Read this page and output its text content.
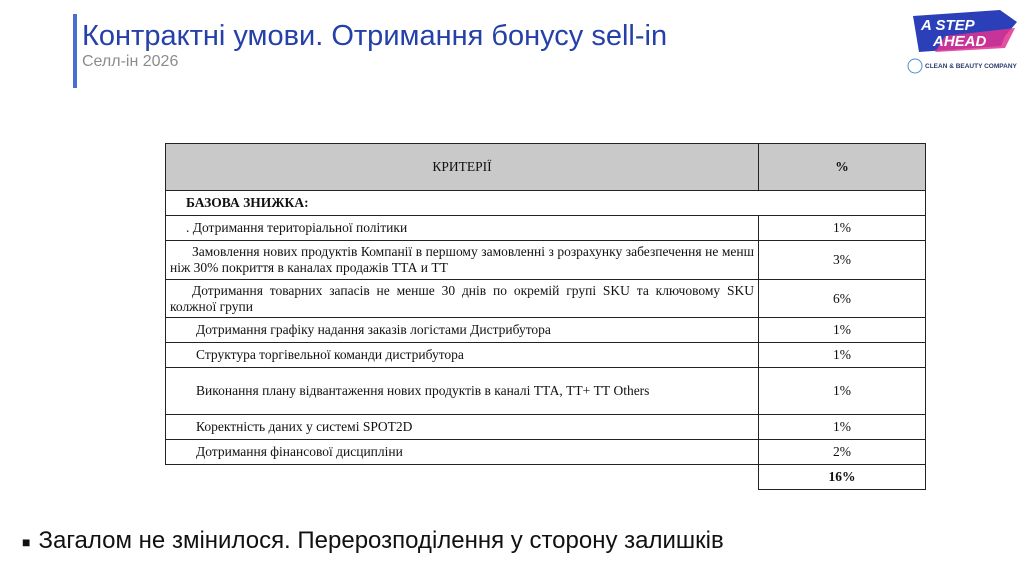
Контрактні умови. Отримання бонусу sell-in
Селл-ін 2026
A STEP
AHEAD
CLEAN & BEAUTY COMPANY
КРИТЕРІЇ	%
БАЗОВА ЗНИЖКА:	
. Дотримання територіальної політики	1%
Замовлення нових продуктів Компанії в першому замовленні з розрахунку забезпечення не менш ніж 30% покриття в каналах продажів ТТА и ТТ	3%
Дотримання товарних запасів не менше 30 днів по окремій групі SKU та ключовому SKU колжної групи	6%
Дотримання графіку надання заказів логістами Дистрибутора	1%
Структура торгівельної команди дистрибутора	1%
Виконання плану відвантаження нових продуктів в каналі ТТА, ТТ+ ТТ Others	1%
Коректність даних у системі SPOT2D	1%
Дотримання фінансової дисципліни	2%
	16%
■ Загалом не змінилося. Перерозподілення у сторону залишків
